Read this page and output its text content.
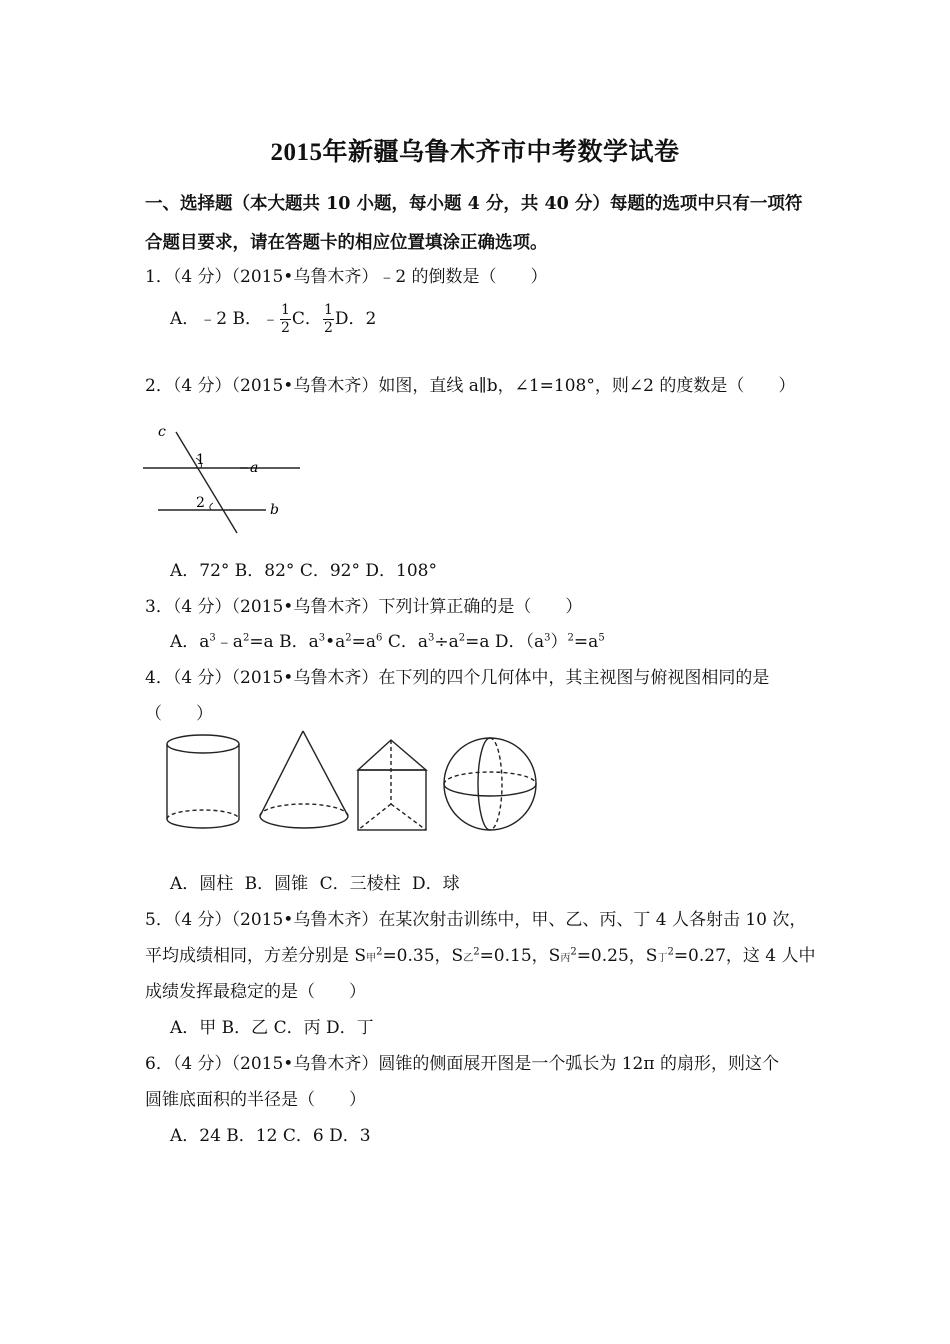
2015年新疆乌鲁木齐市中考数学试卷
一、选择题（本大题共 10 小题，每小题 4 分，共 40 分）每题的选项中只有一项符
合题目要求，请在答题卡的相应位置填涂正确选项。
1．（4 分）（2015•乌鲁木齐）﹣2 的倒数是（　　）
A．﹣2 B．﹣ $\frac{1}{2}$ C． $\frac{1}{2}$ D．2
2．（4 分）（2015•乌鲁木齐）如图，直线 a∥b，∠1=108°，则∠2 的度数是（　　）
c
1
2
a
b
A．72° B．82° C．92° D．108°
3．（4 分）（2015•乌鲁木齐）下列计算正确的是（　　）
A．$a^3﹣a^2=a$ B．$a^3•a^2=a^6$ C．$a^3\div a^2=a$ D．$(a^3)^2=a^5$
4．（4 分）（2015•乌鲁木齐）在下列的四个几何体中，其主视图与俯视图相同的是
（　　）
A．圆柱 B．圆锥 C．三棱柱 D．球
5．（4 分）（2015•乌鲁木齐）在某次射击训练中，甲、乙、丙、丁 4 人各射击 10 次，
平均成绩相同，方差分别是 S甲$^2$=0.35，S乙$^2$=0.15，S丙$^2$=0.25，S丁$^2$=0.27，这 4 人中
成绩发挥最稳定的是（　　）
A．甲 B．乙 C．丙 D．丁
6．（4 分）（2015•乌鲁木齐）圆锥的侧面展开图是一个弧长为 12π 的扇形，则这个
圆锥底面积的半径是（　　）
A．24 B．12 C．6 D．3
